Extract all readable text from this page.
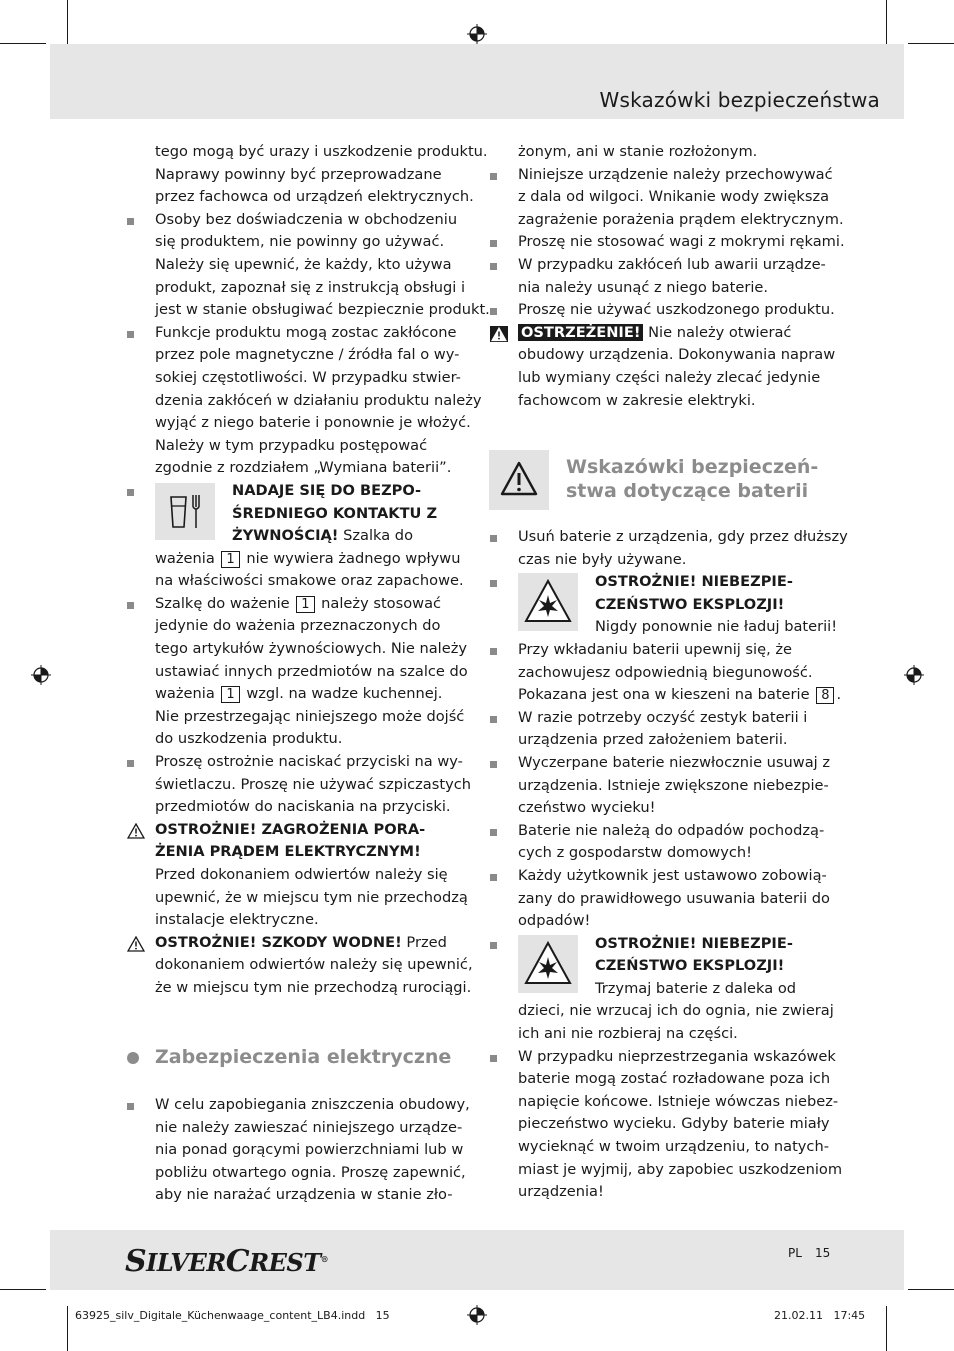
Wskazówki bezpieczeństwa

tego mogą być urazy i uszkodzenie produktu.
Naprawy powinny być przeprowadzane
przez fachowca od urządzeń elektrycznych.

Osoby bez doświadczenia w obchodzeniu
się produktem, nie powinny go używać.
Należy się upewnić, że każdy, kto używa
produkt, zapoznał się z instrukcją obsługi i
jest w stanie obsługiwać bezpiecznie produkt.

Funkcje produktu mogą zostac zakłócone
przez pole magnetyczne / źródła fal o wy-
sokiej częstotliwości. W przypadku stwier-
dzenia zakłóceń w działaniu produktu należy
wyjąć z niego baterie i ponownie je włożyć.
Należy w tym przypadku postępować
zgodnie z rozdziałem „Wymiana baterii”.

NADAJE SIĘ DO BEZPO-
ŚREDNIEGO KONTAKTU Z
ŻYWNOŚCIĄ! Szalka do
ważenia 1 nie wywiera żadnego wpływu
na właściwości smakowe oraz zapachowe.

Szalkę do ważenie 1 należy stosować
jedynie do ważenia przeznaczonych do
tego artykułów żywnościowych. Nie należy
ustawiać innych przedmiotów na szalce do
ważenia 1 wzgl. na wadze kuchennej.
Nie przestrzegając niniejszego może dojść
do uszkodzenia produktu.

Proszę ostrożnie naciskać przyciski na wy-
świetlaczu. Proszę nie używać szpiczastych
przedmiotów do naciskania na przyciski.

OSTROŻNIE! ZAGROŻENIA PORA-
ŻENIA PRĄDEM ELEKTRYCZNYM!
Przed dokonaniem odwiertów należy się
upewnić, że w miejscu tym nie przechodzą
instalacje elektryczne.

OSTROŻNIE! SZKODY WODNE! Przed
dokonaniem odwiertów należy się upewnić,
że w miejscu tym nie przechodzą rurociągi.

Zabezpieczenia elektryczne

W celu zapobiegania zniszczenia obudowy,
nie należy zawieszać niniejszego urządze-
nia ponad gorącymi powierzchniami lub w
pobliżu otwartego ognia. Proszę zapewnić,
aby nie narażać urządzenia w stanie zło-

żonym, ani w stanie rozłożonym.

Niniejsze urządzenie należy przechowywać
z dala od wilgoci. Wnikanie wody zwiększa
zagrażenie porażenia prądem elektrycznym.

Proszę nie stosować wagi z mokrymi rękami.

W przypadku zakłóceń lub awarii urządze-
nia należy usunąć z niego baterie.

Proszę nie używać uszkodzonego produktu.

OSTRZEŻENIE! Nie należy otwierać
obudowy urządzenia. Dokonywania napraw
lub wymiany części należy zlecać jedynie
fachowcom w zakresie elektryki.

Wskazówki bezpieczeń-
stwa dotyczące baterii

Usuń baterie z urządzenia, gdy przez dłuższy
czas nie były używane.

OSTROŻNIE! NIEBEZPIE-
CZEŃSTWO EKSPLOZJI!
Nigdy ponownie nie ładuj baterii!

Przy wkładaniu baterii upewnij się, że
zachowujesz odpowiednią biegunowość.
Pokazana jest ona w kieszeni na baterie 8 .

W razie potrzeby oczyść zestyk baterii i
urządzenia przed założeniem baterii.

Wyczerpane baterie niezwłocznie usuwaj z
urządzenia. Istnieje zwiększone niebezpie-
czeństwo wycieku!

Baterie nie należą do odpadów pochodzą-
cych z gospodarstw domowych!

Każdy użytkownik jest ustawowo zobowią-
zany do prawidłowego usuwania baterii do
odpadów!

OSTROŻNIE! NIEBEZPIE-
CZEŃSTWO EKSPLOZJI!
Trzymaj baterie z daleka od
dzieci, nie wrzucaj ich do ognia, nie zwieraj
ich ani nie rozbieraj na części.

W przypadku nieprzestrzegania wskazówek
baterie mogą zostać rozładowane poza ich
napięcie końcowe. Istnieje wówczas niebez-
pieczeństwo wycieku. Gdyby baterie miały
wycieknąć w twoim urządzeniu, to natych-
miast je wyjmij, aby zapobiec uszkodzeniom
urządzenia!

SILVERCREST®	PL 15
63925_silv_Digitale_Küchenwaage_content_LB4.indd   15	21.02.11   17:45
